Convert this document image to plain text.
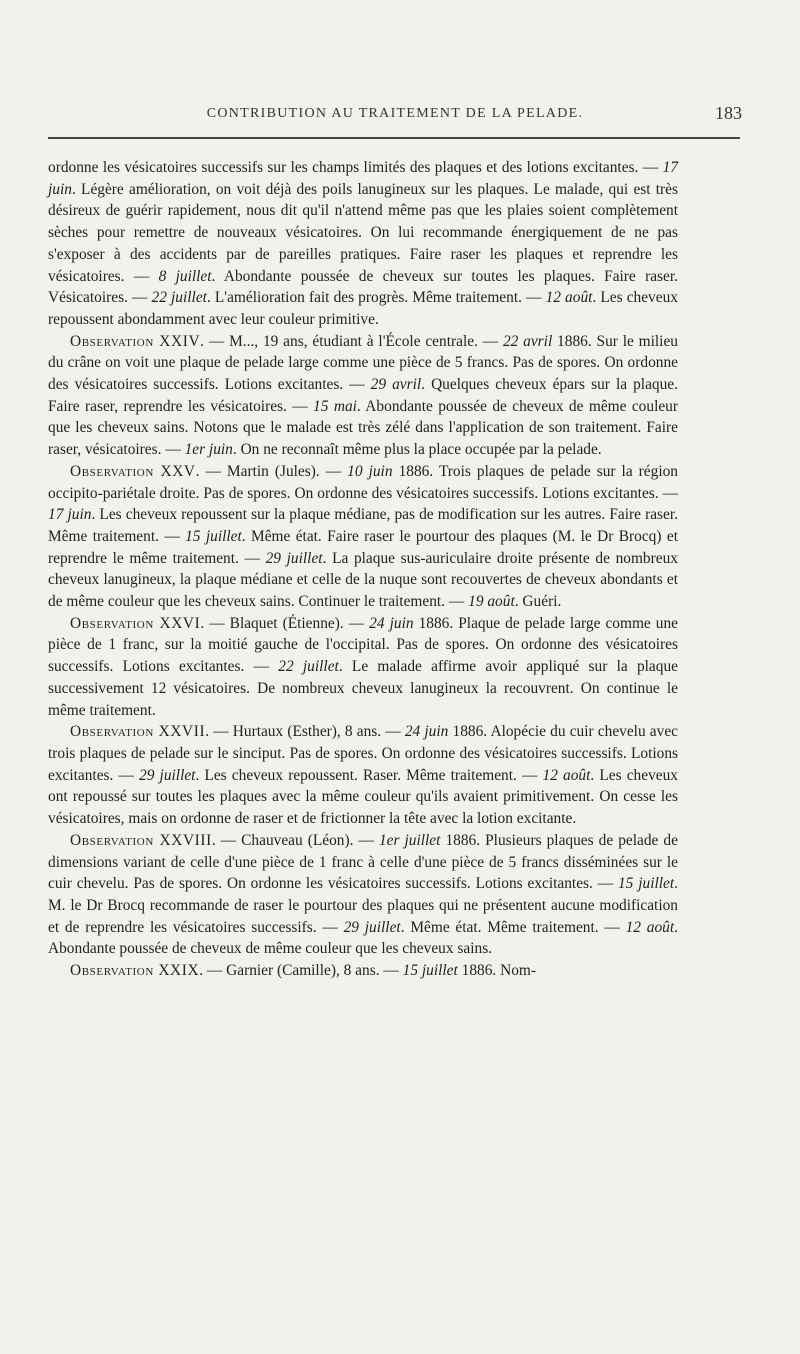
CONTRIBUTION AU TRAITEMENT DE LA PELADE.	183

ordonne les vésicatoires successifs sur les champs limités des plaques et des lotions excitantes. — 17 juin. Légère amélioration, on voit déjà des poils lanugineux sur les plaques. Le malade, qui est très désireux de guérir rapidement, nous dit qu'il n'attend même pas que les plaies soient complètement sèches pour remettre de nouveaux vésicatoires. On lui recommande énergiquement de ne pas s'exposer à des accidents par de pareilles pratiques. Faire raser les plaques et reprendre les vésicatoires. — 8 juillet. Abondante poussée de cheveux sur toutes les plaques. Faire raser. Vésicatoires. — 22 juillet. L'amélioration fait des progrès. Même traitement. — 12 août. Les cheveux repoussent abondamment avec leur couleur primitive.

Observation XXIV. — M..., 19 ans, étudiant à l'École centrale. — 22 avril 1886. Sur le milieu du crâne on voit une plaque de pelade large comme une pièce de 5 francs. Pas de spores. On ordonne des vésicatoires successifs. Lotions excitantes. — 29 avril. Quelques cheveux épars sur la plaque. Faire raser, reprendre les vésicatoires. — 15 mai. Abondante poussée de cheveux de même couleur que les cheveux sains. Notons que le malade est très zélé dans l'application de son traitement. Faire raser, vésicatoires. — 1er juin. On ne reconnaît même plus la place occupée par la pelade.

Observation XXV. — Martin (Jules). — 10 juin 1886. Trois plaques de pelade sur la région occipito-pariétale droite. Pas de spores. On ordonne des vésicatoires successifs. Lotions excitantes. — 17 juin. Les cheveux repoussent sur la plaque médiane, pas de modification sur les autres. Faire raser. Même traitement. — 15 juillet. Même état. Faire raser le pourtour des plaques (M. le Dr Brocq) et reprendre le même traitement. — 29 juillet. La plaque sus-auriculaire droite présente de nombreux cheveux lanugineux, la plaque médiane et celle de la nuque sont recouvertes de cheveux abondants et de même couleur que les cheveux sains. Continuer le traitement. — 19 août. Guéri.

Observation XXVI. — Blaquet (Étienne). — 24 juin 1886. Plaque de pelade large comme une pièce de 1 franc, sur la moitié gauche de l'occipital. Pas de spores. On ordonne des vésicatoires successifs. Lotions excitantes. — 22 juillet. Le malade affirme avoir appliqué sur la plaque successivement 12 vésicatoires. De nombreux cheveux lanugineux la recouvrent. On continue le même traitement.

Observation XXVII. — Hurtaux (Esther), 8 ans. — 24 juin 1886. Alopécie du cuir chevelu avec trois plaques de pelade sur le sinciput. Pas de spores. On ordonne des vésicatoires successifs. Lotions excitantes. — 29 juillet. Les cheveux repoussent. Raser. Même traitement. — 12 août. Les cheveux ont repoussé sur toutes les plaques avec la même couleur qu'ils avaient primitivement. On cesse les vésicatoires, mais on ordonne de raser et de frictionner la tête avec la lotion excitante.

Observation XXVIII. — Chauveau (Léon). — 1er juillet 1886. Plusieurs plaques de pelade de dimensions variant de celle d'une pièce de 1 franc à celle d'une pièce de 5 francs disséminées sur le cuir chevelu. Pas de spores. On ordonne les vésicatoires successifs. Lotions excitantes. — 15 juillet. M. le Dr Brocq recommande de raser le pourtour des plaques qui ne présentent aucune modification et de reprendre les vésicatoires successifs. — 29 juillet. Même état. Même traitement. — 12 août. Abondante poussée de cheveux de même couleur que les cheveux sains.

Observation XXIX. — Garnier (Camille), 8 ans. — 15 juillet 1886. Nom-
